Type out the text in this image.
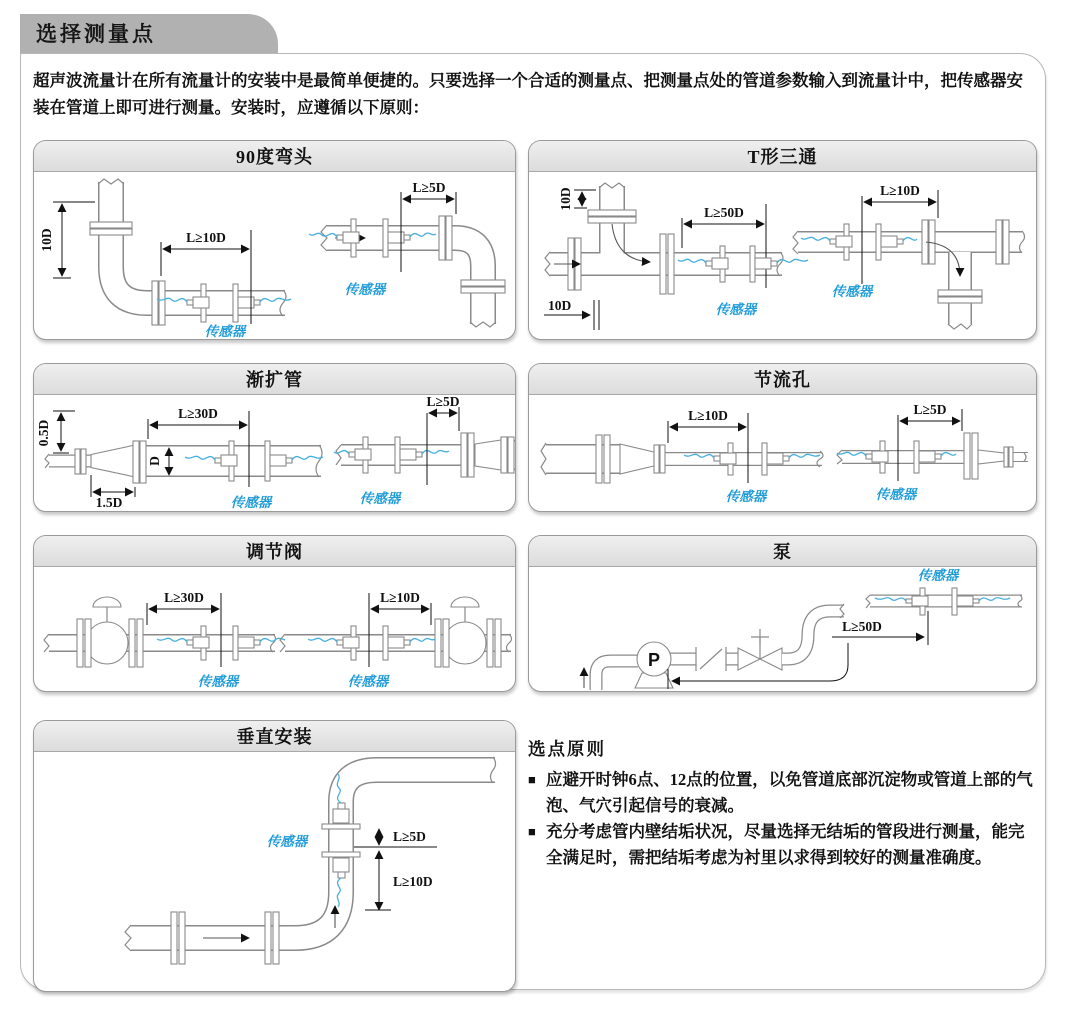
选择测量点
超声波流量计在所有流量计的安装中是最简单便捷的。只要选择一个合适的测量点、把测量点处的管道参数输入到流量计中，把传感器安装在管道上即可进行测量。安装时，应遵循以下原则：
90度弯头
10D	L≥10D
传感器
L≥5D
传感器
T形三通
10D
10D
L≥50D
传感器
L≥10D
传感器
渐扩管
0.5D
1.5D
D
L≥30D
传感器
L≥5D
传感器
节流孔
L≥10D
传感器
L≥5D
传感器
调节阀
L≥30D
传感器
L≥10D
传感器
泵
P
传感器
L≥50D
垂直安装
L≥5D
L≥10D
传感器
选点原则
■ 应避开时钟6点、12点的位置，以免管道底部沉淀物或管道上部的气泡、气穴引起信号的衰减。
■ 充分考虑管内壁结垢状况，尽量选择无结垢的管段进行测量，能完全满足时，需把结垢考虑为衬里以求得到较好的测量准确度。
